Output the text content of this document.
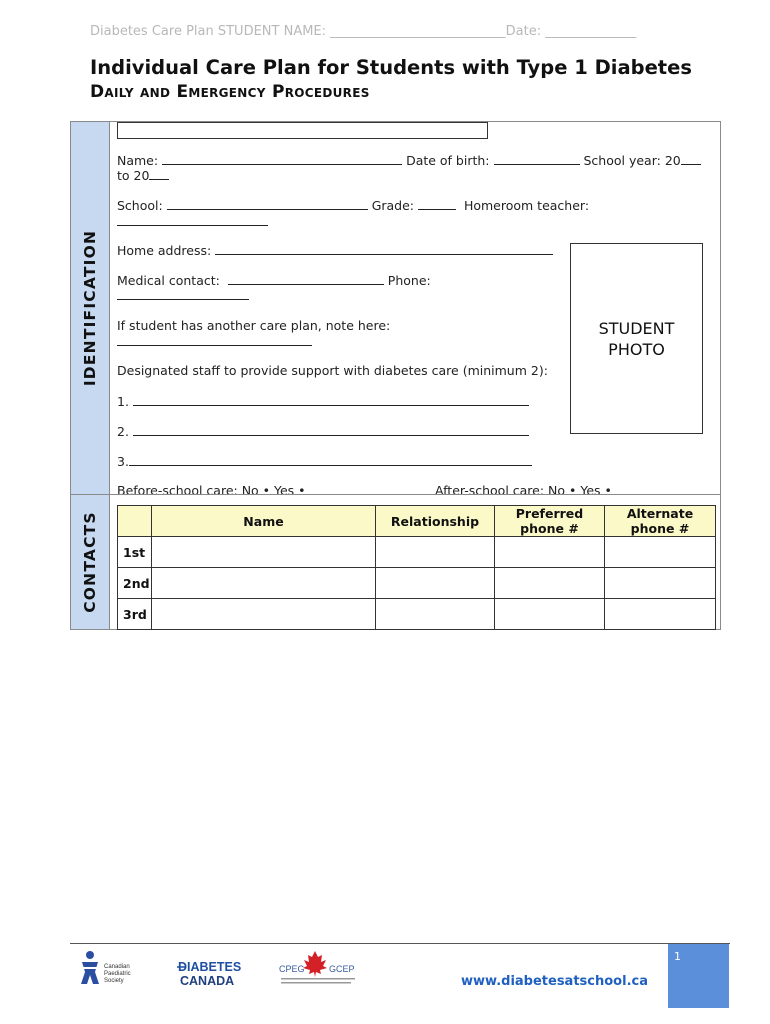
Diabetes Care Plan STUDENT NAME: ___________________________Date: ______________
Individual Care Plan for Students with Type 1 Diabetes
Daily and Emergency Procedures
IDENTIFICATION
Name:	Date of birth:	School year: 20
to 20
School:	Grade:	Homeroom teacher:
Home address:
Medical contact:	Phone:
If student has another care plan, note here:
Designated staff to provide support with diabetes care (minimum 2):
1.
2.
3.
Before-school care: No • Yes •	After-school care: No • Yes •
STUDENT
PHOTO
CONTACTS
		Name	Relationship	Preferred phone #	Alternate phone #
1st				
2nd				
3rd				
Canadian
Paediatric
Society
DIABETES
CANADA
CPEG	GCEP
www.diabetesatschool.ca
1
